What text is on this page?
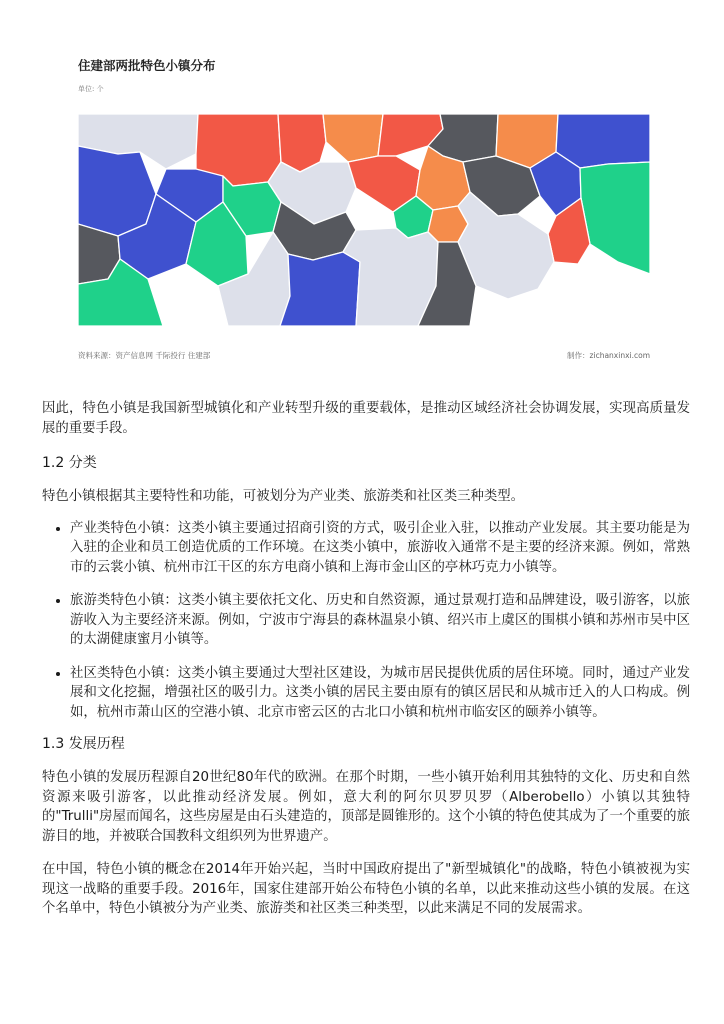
住建部两批特色小镇分布
单位: 个
资料来源：资产信息网 千际投行 住建部	制作：zichanxinxi.com

因此，特色小镇是我国新型城镇化和产业转型升级的重要载体，是推动区域经济社会协调发展，实现高质量发展的重要手段。

1.2 分类

特色小镇根据其主要特性和功能，可被划分为产业类、旅游类和社区类三种类型。

• 产业类特色小镇：这类小镇主要通过招商引资的方式，吸引企业入驻，以推动产业发展。其主要功能是为入驻的企业和员工创造优质的工作环境。在这类小镇中，旅游收入通常不是主要的经济来源。例如，常熟市的云裳小镇、杭州市江干区的东方电商小镇和上海市金山区的亭林巧克力小镇等。
• 旅游类特色小镇：这类小镇主要依托文化、历史和自然资源，通过景观打造和品牌建设，吸引游客，以旅游收入为主要经济来源。例如，宁波市宁海县的森林温泉小镇、绍兴市上虞区的围棋小镇和苏州市吴中区的太湖健康蜜月小镇等。
• 社区类特色小镇：这类小镇主要通过大型社区建设，为城市居民提供优质的居住环境。同时，通过产业发展和文化挖掘，增强社区的吸引力。这类小镇的居民主要由原有的镇区居民和从城市迁入的人口构成。例如，杭州市萧山区的空港小镇、北京市密云区的古北口小镇和杭州市临安区的颐养小镇等。
1.3 发展历程

特色小镇的发展历程源自20世纪80年代的欧洲。在那个时期，一些小镇开始利用其独特的文化、历史和自然资源来吸引游客，以此推动经济发展。例如，意大利的阿尔贝罗贝罗（Alberobello）小镇以其独特的"Trulli"房屋而闻名，这些房屋是由石头建造的，顶部是圆锥形的。这个小镇的特色使其成为了一个重要的旅游目的地，并被联合国教科文组织列为世界遗产。

在中国，特色小镇的概念在2014年开始兴起，当时中国政府提出了"新型城镇化"的战略，特色小镇被视为实现这一战略的重要手段。2016年，国家住建部开始公布特色小镇的名单，以此来推动这些小镇的发展。在这个名单中，特色小镇被分为产业类、旅游类和社区类三种类型，以此来满足不同的发展需求。
